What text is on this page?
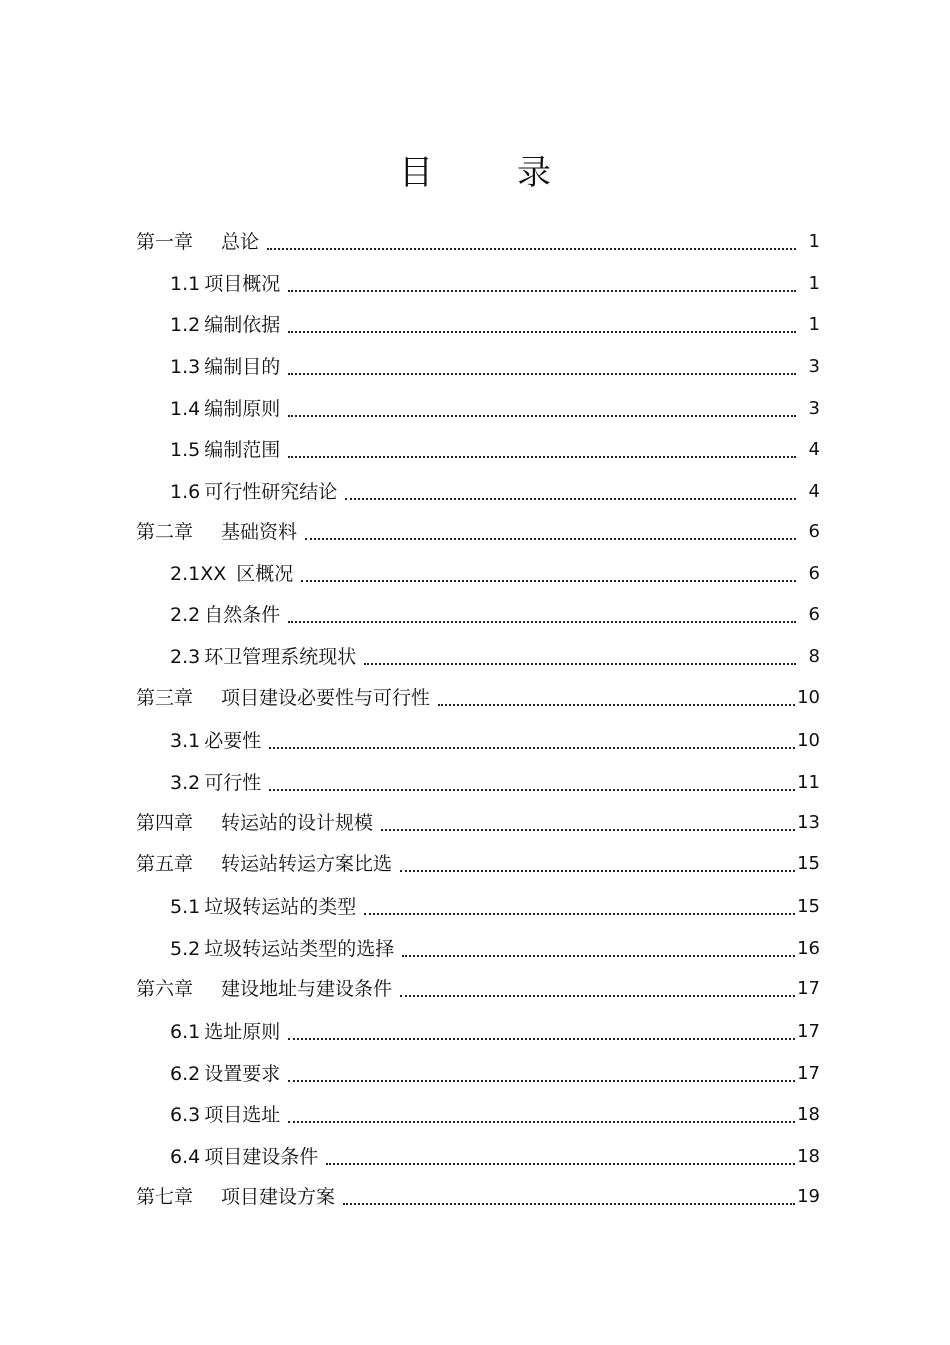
目 录
第一章 总论	1
1.1 项目概况	1
1.2 编制依据	1
1.3 编制目的	3
1.4 编制原则	3
1.5 编制范围	4
1.6 可行性研究结论	4
第二章 基础资料	6
2.1XX 区概况	6
2.2 自然条件	6
2.3 环卫管理系统现状	8
第三章 项目建设必要性与可行性	10
3.1 必要性	10
3.2 可行性	11
第四章 转运站的设计规模	13
第五章 转运站转运方案比选	15
5.1 垃圾转运站的类型	15
5.2 垃圾转运站类型的选择	16
第六章 建设地址与建设条件	17
6.1 选址原则	17
6.2 设置要求	17
6.3 项目选址	18
6.4 项目建设条件	18
第七章 项目建设方案	19
